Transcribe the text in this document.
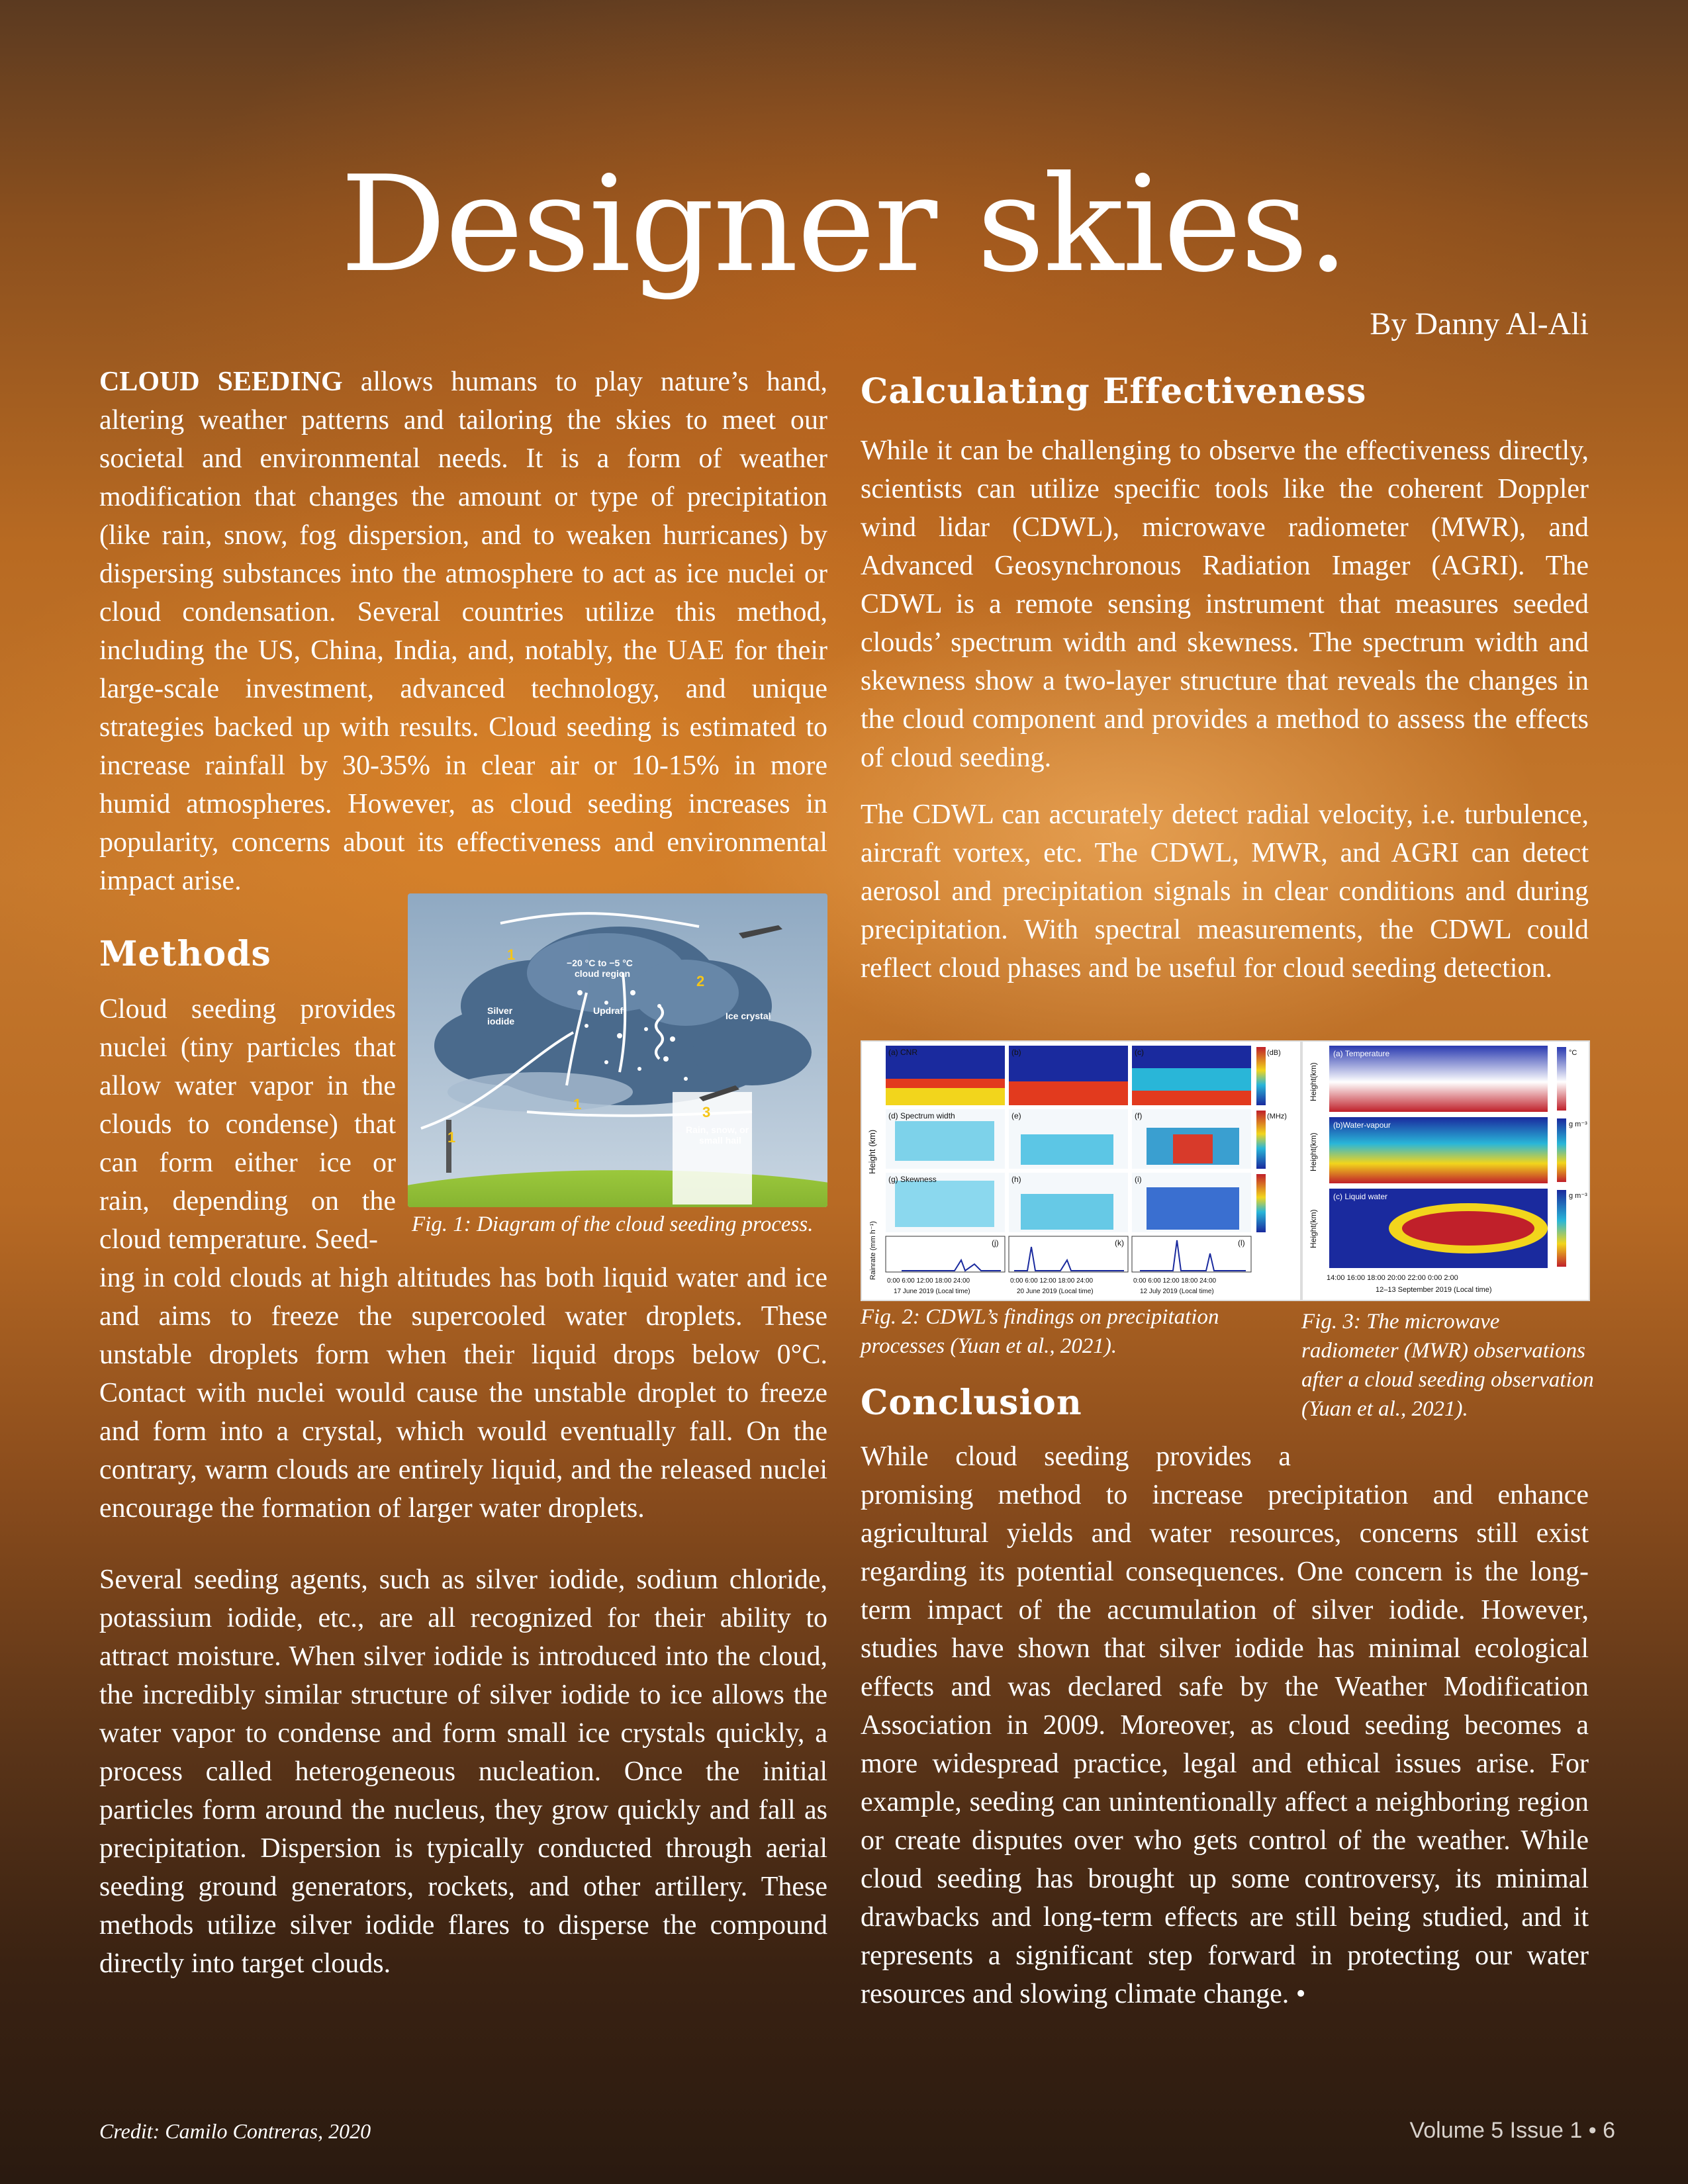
Designer skies.
By Danny Al-Ali

CLOUD SEEDING allows humans to play nature’s hand, altering weather patterns and tailoring the skies to meet our societal and environmental needs. It is a form of weather modification that changes the amount or type of precipitation (like rain, snow, fog dispersion, and to weaken hurricanes) by dispersing substances into the atmosphere to act as ice nuclei or cloud condensation. Several countries utilize this method, including the US, China, India, and, notably, the UAE for their large-scale investment, advanced technology, and unique strategies backed up with results. Cloud seeding is estimated to increase rainfall by 30-35% in clear air or 10-15% in more humid atmospheres. However, as cloud seeding increases in popularity, concerns about its effectiveness and environmental impact arise.

Methods
Cloud seeding provides
nuclei (tiny particles that
allow water vapor in the
clouds to condense) that
can form either ice or
rain, depending on the
cloud temperature. Seed-
1
2
3
1
1
−20 °C to −5 °C
cloud region
Silver
iodide
Updraft	Ice crystal
Rain, snow, or
small hail

Fig. 1: Diagram of the cloud seeding process.

ing in cold clouds at high altitudes has both liquid water and ice and aims to freeze the supercooled water droplets. These unstable droplets form when their liquid drops below 0°C. Contact with nuclei would cause the unstable droplet to freeze and form into a crystal, which would eventually fall. On the contrary, warm clouds are entirely liquid, and the released nuclei encourage the formation of larger water droplets.

Several seeding agents, such as silver iodide, sodium chloride, potassium iodide, etc., are all recognized for their ability to attract moisture. When silver iodide is introduced into the cloud, the incredibly similar structure of silver iodide to ice allows the water vapor to condense and form small ice crystals quickly, a process called heterogeneous nucleation. Once the initial particles form around the nucleus, they grow quickly and fall as precipitation. Dispersion is typically conducted through aerial seeding ground generators, rockets, and other artillery. These methods utilize silver iodide flares to disperse the compound directly into target clouds.

Calculating Effectiveness

While it can be challenging to observe the effectiveness directly, scientists can utilize specific tools like the coherent Doppler wind lidar (CDWL), microwave radiometer (MWR), and Advanced Geosynchronous Radiation Imager (AGRI). The CDWL is a remote sensing instrument that measures seeded clouds’ spectrum width and skewness. The spectrum width and skewness show a two-layer structure that reveals the changes in the cloud component and provides a method to assess the effects of cloud seeding.

The CDWL can accurately detect radial velocity, i.e. turbulence, aircraft vortex, etc. The CDWL, MWR, and AGRI can detect aerosol and precipitation signals in clear conditions and during precipitation. With spectral measurements, the CDWL could reflect cloud phases and be useful for cloud seeding detection.

(a) CNR	(b)	(c)
(d) Spectrum width	(e)	(f)
(g) Skewness	(h)	(i)
(j)	(k)	(l)
(dB)
(MHz)
Height (km)
Rainrate (mm h⁻¹)
0:00 6:00 12:00 18:00 24:00	0:00 6:00 12:00 18:00 24:00	0:00 6:00 12:00 18:00 24:00
17 June 2019 (Local time)	20 June 2019 (Local time)	12 July 2019 (Local time)

Fig. 2: CDWL’s findings on precipitation processes (Yuan et al., 2021).

(a) Temperature
(b)Water-vapour
(c) Liquid water
°C
g m⁻³
g m⁻³
Height(km)
Height(km)
Height(km)
14:00 16:00 18:00 20:00 22:00 0:00 2:00
12–13 September 2019 (Local time)

Fig. 3: The microwave radiometer (MWR) observations after a cloud seeding observation (Yuan et al., 2021).

Conclusion
While cloud seeding provides a

promising method to increase precipitation and enhance agricultural yields and water resources, concerns still exist regarding its potential consequences. One concern is the long-term impact of the accumulation of silver iodide. However, studies have shown that silver iodide has minimal ecological effects and was declared safe by the Weather Modification Association in 2009. Moreover, as cloud seeding becomes a more widespread practice, legal and ethical issues arise. For example, seeding can unintentionally affect a neighboring region or create disputes over who gets control of the weather. While cloud seeding has brought up some controversy, its minimal drawbacks and long-term effects are still being studied, and it represents a significant step forward in protecting our water resources and slowing climate change. •

Credit: Camilo Contreras, 2020	Volume 5 Issue 1 • 6
